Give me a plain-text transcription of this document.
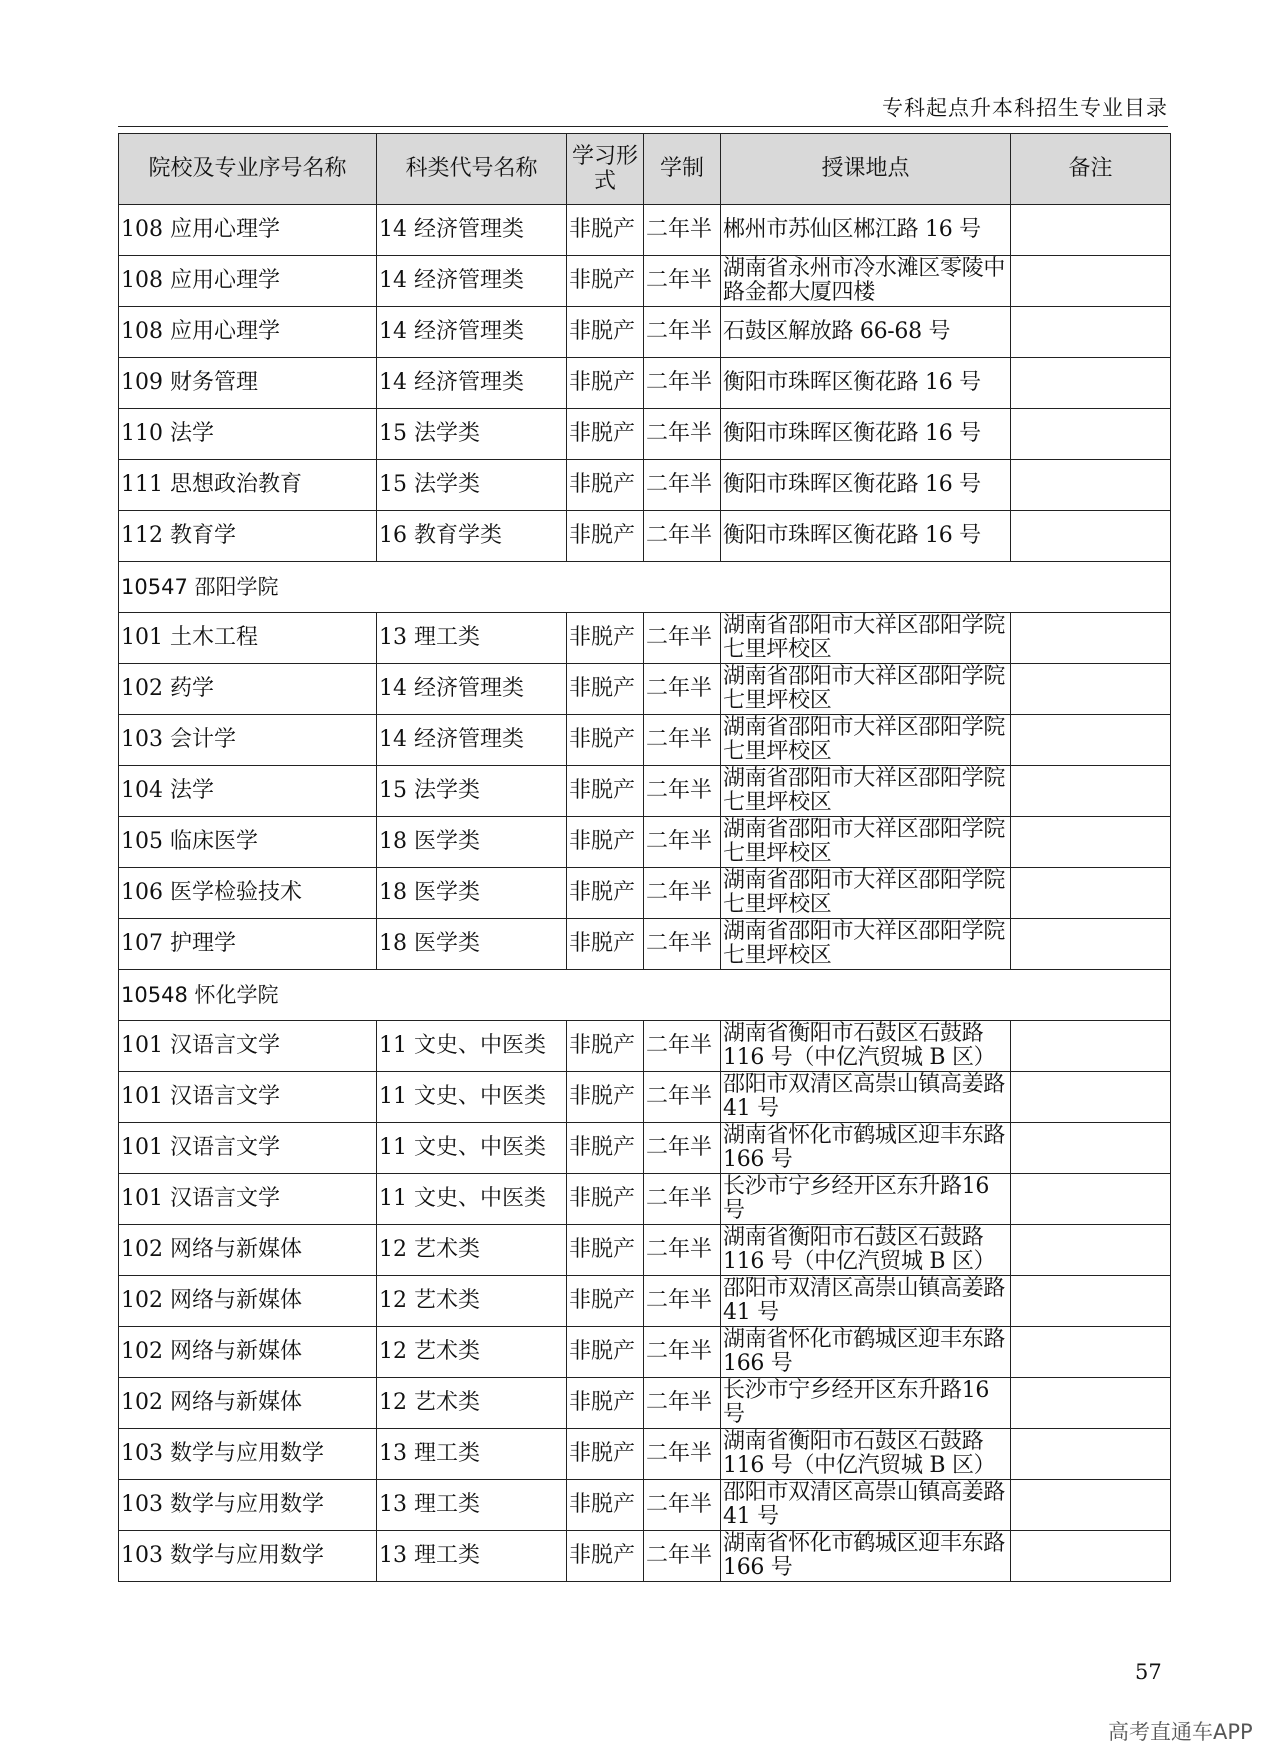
专科起点升本科招生专业目录
院校及专业序号名称	科类代号名称	学习形式	学制	授课地点	备注
108 应用心理学	14 经济管理类	非脱产	二年半	郴州市苏仙区郴江路 16 号	
108 应用心理学	14 经济管理类	非脱产	二年半	湖南省永州市冷水滩区零陵中路金都大厦四楼	
108 应用心理学	14 经济管理类	非脱产	二年半	石鼓区解放路 66-68 号	
109 财务管理	14 经济管理类	非脱产	二年半	衡阳市珠晖区衡花路 16 号	
110 法学	15 法学类	非脱产	二年半	衡阳市珠晖区衡花路 16 号	
111 思想政治教育	15 法学类	非脱产	二年半	衡阳市珠晖区衡花路 16 号	
112 教育学	16 教育学类	非脱产	二年半	衡阳市珠晖区衡花路 16 号	
10547 邵阳学院					
101 土木工程	13 理工类	非脱产	二年半	湖南省邵阳市大祥区邵阳学院七里坪校区	
102 药学	14 经济管理类	非脱产	二年半	湖南省邵阳市大祥区邵阳学院七里坪校区	
103 会计学	14 经济管理类	非脱产	二年半	湖南省邵阳市大祥区邵阳学院七里坪校区	
104 法学	15 法学类	非脱产	二年半	湖南省邵阳市大祥区邵阳学院七里坪校区	
105 临床医学	18 医学类	非脱产	二年半	湖南省邵阳市大祥区邵阳学院七里坪校区	
106 医学检验技术	18 医学类	非脱产	二年半	湖南省邵阳市大祥区邵阳学院七里坪校区	
107 护理学	18 医学类	非脱产	二年半	湖南省邵阳市大祥区邵阳学院七里坪校区	
10548 怀化学院					
101 汉语言文学	11 文史、中医类	非脱产	二年半	湖南省衡阳市石鼓区石鼓路 116 号（中亿汽贸城 B 区）	
101 汉语言文学	11 文史、中医类	非脱产	二年半	邵阳市双清区高崇山镇高姜路 41 号	
101 汉语言文学	11 文史、中医类	非脱产	二年半	湖南省怀化市鹤城区迎丰东路 166 号	
101 汉语言文学	11 文史、中医类	非脱产	二年半	长沙市宁乡经开区东升路16号	
102 网络与新媒体	12 艺术类	非脱产	二年半	湖南省衡阳市石鼓区石鼓路 116 号（中亿汽贸城 B 区）	
102 网络与新媒体	12 艺术类	非脱产	二年半	邵阳市双清区高崇山镇高姜路 41 号	
102 网络与新媒体	12 艺术类	非脱产	二年半	湖南省怀化市鹤城区迎丰东路 166 号	
102 网络与新媒体	12 艺术类	非脱产	二年半	长沙市宁乡经开区东升路16号	
103 数学与应用数学	13 理工类	非脱产	二年半	湖南省衡阳市石鼓区石鼓路 116 号（中亿汽贸城 B 区）	
103 数学与应用数学	13 理工类	非脱产	二年半	邵阳市双清区高崇山镇高姜路 41 号	
103 数学与应用数学	13 理工类	非脱产	二年半	湖南省怀化市鹤城区迎丰东路 166 号	
57
高考直通车APP
